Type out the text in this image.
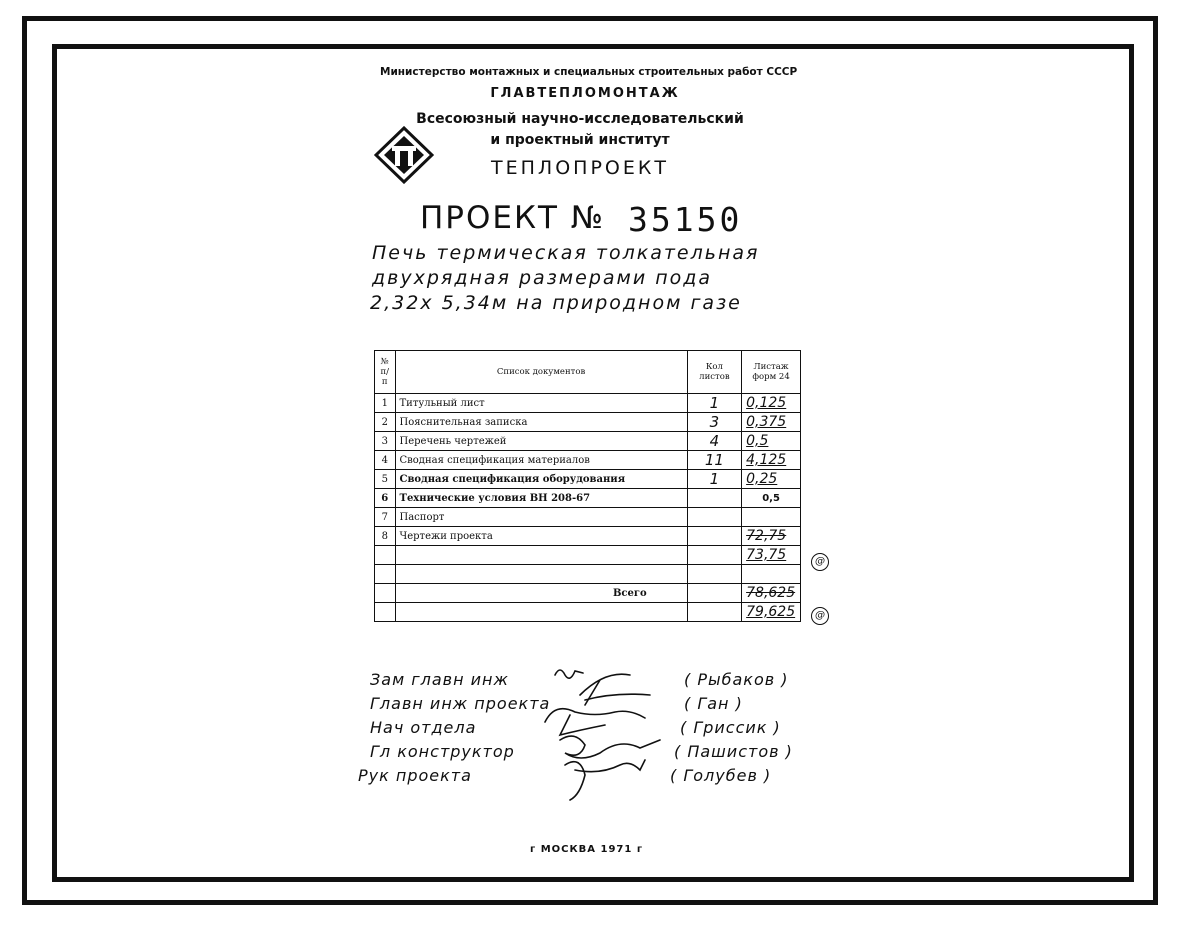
Министерство монтажных и специальных строительных работ СССР
ГЛАВТЕПЛОМОНТАЖ
Всесоюзный научно-исследовательский
и проектный институт
ТЕПЛОПРОЕКТ
ПРОЕКТ № 35150
Печь термическая толкательная
двухрядная размерами пода
2,32х 5,34м на природном газе
№ п/п	Список документов	Кол листов	Листаж форм 24
1	Титульный лист	1	0,125
2	Пояснительная записка	3	0,375
3	Перечень чертежей	4	0,5
4	Сводная спецификация материалов	11	4,125
5	Сводная спецификация оборудования	1	0,25
6	Технические условия ВН 208-67		0,5
7	Паспорт		
8	Чертежи проекта		72,75
			73,75

	Всего		78,625
			79,625
@
@
Зам главн инж
Главн инж проекта
Нач отдела
Гл конструктор
Рук проекта
( Рыбаков )
( Ган )
( Гриссик )
( Пашистов )
( Голубев )
г МОСКВА 1971 г
